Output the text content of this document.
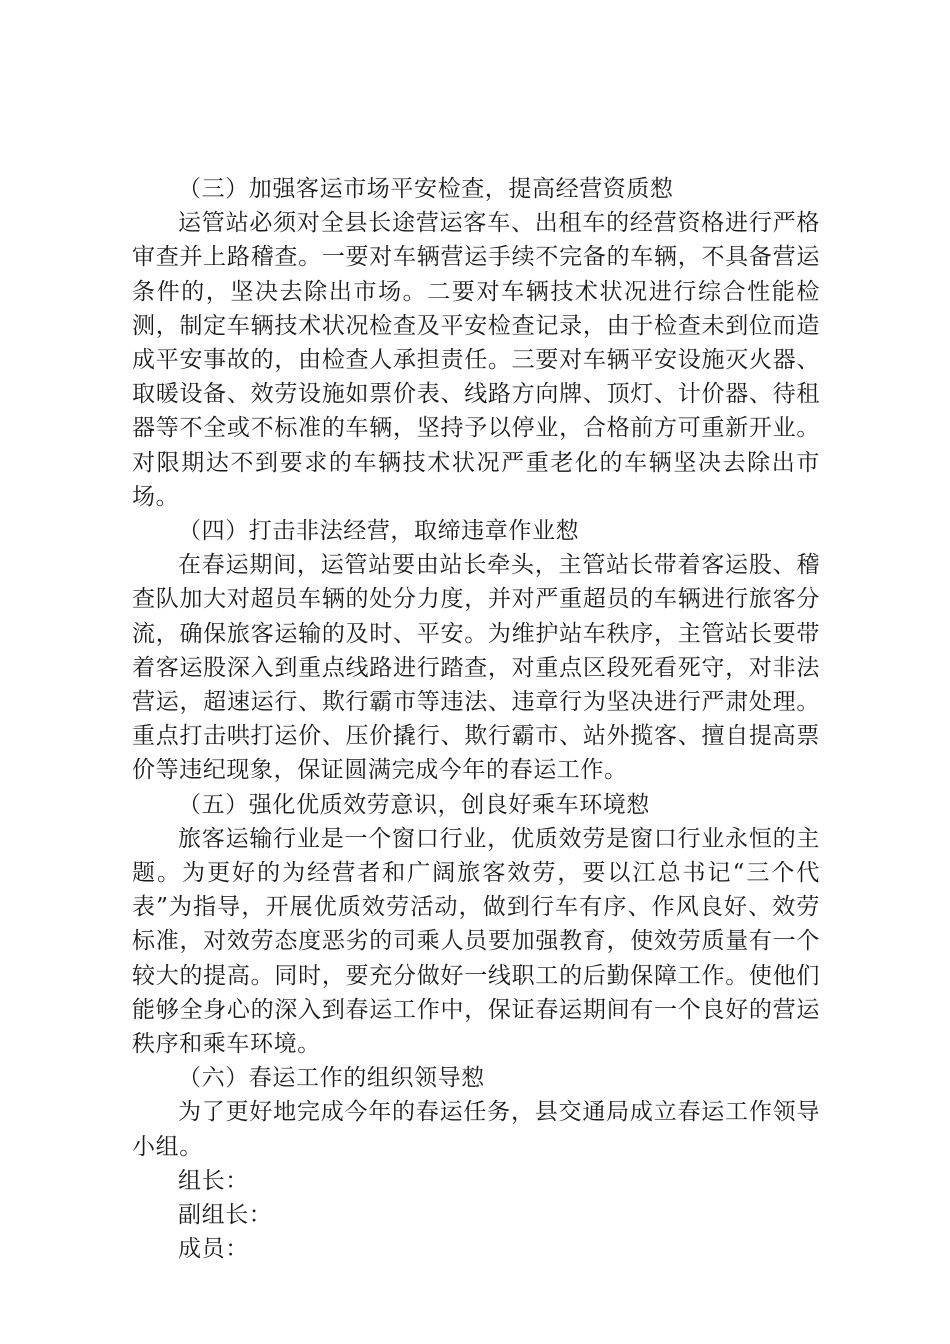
（三）加强客运市场平安检查，提高经营资质愸

运管站必须对全县长途营运客车、出租车的经营资格进行严格审查并上路稽查。一要对车辆营运手续不完备的车辆，不具备营运条件的，坚决去除出市场。二要对车辆技术状况进行综合性能检测，制定车辆技术状况检查及平安检查记录，由于检查未到位而造成平安事故的，由检查人承担责任。三要对车辆平安设施灭火器、取暖设备、效劳设施如票价表、线路方向牌、顶灯、计价器、待租器等不全或不标准的车辆，坚持予以停业，合格前方可重新开业。对限期达不到要求的车辆技术状况严重老化的车辆坚决去除出市场。

（四）打击非法经营，取缔违章作业愸

在春运期间，运管站要由站长牵头，主管站长带着客运股、稽查队加大对超员车辆的处分力度，并对严重超员的车辆进行旅客分流，确保旅客运输的及时、平安。为维护站车秩序，主管站长要带着客运股深入到重点线路进行踏查，对重点区段死看死守，对非法营运，超速运行、欺行霸市等违法、违章行为坚决进行严肃处理。重点打击哄打运价、压价撬行、欺行霸市、站外揽客、擅自提高票价等违纪现象，保证圆满完成今年的春运工作。

（五）强化优质效劳意识，创良好乘车环境愸

旅客运输行业是一个窗口行业，优质效劳是窗口行业永恒的主题。为更好的为经营者和广阔旅客效劳，要以江总书记“三个代表”为指导，开展优质效劳活动，做到行车有序、作风良好、效劳标准，对效劳态度恶劣的司乘人员要加强教育，使效劳质量有一个较大的提高。同时，要充分做好一线职工的后勤保障工作。使他们能够全身心的深入到春运工作中，保证春运期间有一个良好的营运秩序和乘车环境。

（六）春运工作的组织领导愸

为了更好地完成今年的春运任务，县交通局成立春运工作领导小组。

组长：

副组长：

成员：
